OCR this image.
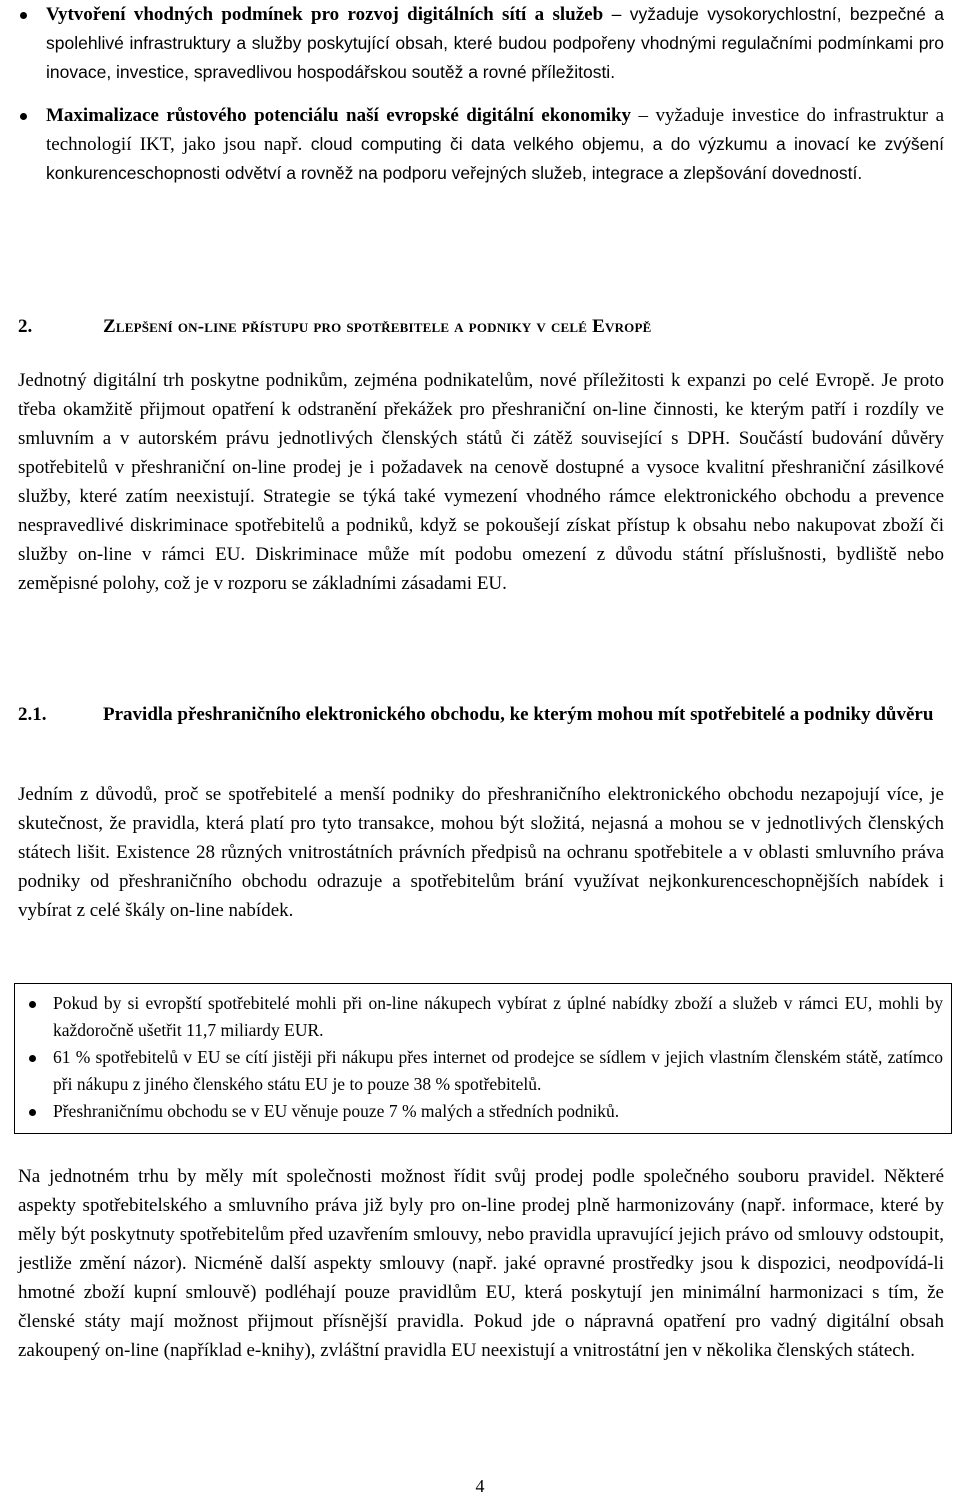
Vytvoření vhodných podmínek pro rozvoj digitálních sítí a služeb – vyžaduje vysokorychlostní, bezpečné a spolehlivé infrastruktury a služby poskytující obsah, které budou podpořeny vhodnými regulačními podmínkami pro inovace, investice, spravedlivou hospodářskou soutěž a rovné příležitosti.
Maximalizace růstového potenciálu naší evropské digitální ekonomiky – vyžaduje investice do infrastruktur a technologií IKT, jako jsou např. cloud computing či data velkého objemu, a do výzkumu a inovací ke zvýšení konkurenceschopnosti odvětví a rovněž na podporu veřejných služeb, integrace a zlepšování dovedností.
2.	Zlepšení on-line přístupu pro spotřebitele a podniky v celé Evropě
Jednotný digitální trh poskytne podnikům, zejména podnikatelům, nové příležitosti k expanzi po celé Evropě. Je proto třeba okamžitě přijmout opatření k odstranění překážek pro přeshraniční on-line činnosti, ke kterým patří i rozdíly ve smluvním a v autorském právu jednotlivých členských států či zátěž související s DPH. Součástí budování důvěry spotřebitelů v přeshraniční on-line prodej je i požadavek na cenově dostupné a vysoce kvalitní přeshraniční zásilkové služby, které zatím neexistují. Strategie se týká také vymezení vhodného rámce elektronického obchodu a prevence nespravedlivé diskriminace spotřebitelů a podniků, když se pokoušejí získat přístup k obsahu nebo nakupovat zboží či služby on-line v rámci EU. Diskriminace může mít podobu omezení z důvodu státní příslušnosti, bydliště nebo zeměpisné polohy, což je v rozporu se základními zásadami EU.
2.1.	Pravidla přeshraničního elektronického obchodu, ke kterým mohou mít spotřebitelé a podniky důvěru
Jedním z důvodů, proč se spotřebitelé a menší podniky do přeshraničního elektronického obchodu nezapojují více, je skutečnost, že pravidla, která platí pro tyto transakce, mohou být složitá, nejasná a mohou se v jednotlivých členských státech lišit. Existence 28 různých vnitrostátních právních předpisů na ochranu spotřebitele a v oblasti smluvního práva podniky od přeshraničního obchodu odrazuje a spotřebitelům brání využívat nejkonkurenceschopnějších nabídek i vybírat z celé škály on-line nabídek.
Pokud by si evropští spotřebitelé mohli při on-line nákupech vybírat z úplné nabídky zboží a služeb v rámci EU, mohli by každoročně ušetřit 11,7 miliardy EUR.
61 % spotřebitelů v EU se cítí jistěji při nákupu přes internet od prodejce se sídlem v jejich vlastním členském státě, zatímco při nákupu z jiného členského státu EU je to pouze 38 % spotřebitelů.
Přeshraničnímu obchodu se v EU věnuje pouze 7 % malých a středních podniků.
Na jednotném trhu by měly mít společnosti možnost řídit svůj prodej podle společného souboru pravidel. Některé aspekty spotřebitelského a smluvního práva již byly pro on-line prodej plně harmonizovány (např. informace, které by měly být poskytnuty spotřebitelům před uzavřením smlouvy, nebo pravidla upravující jejich právo od smlouvy odstoupit, jestliže změní názor). Nicméně další aspekty smlouvy (např. jaké opravné prostředky jsou k dispozici, neodpovídá-li hmotné zboží kupní smlouvě) podléhají pouze pravidlům EU, která poskytují jen minimální harmonizaci s tím, že členské státy mají možnost přijmout přísnější pravidla. Pokud jde o nápravná opatření pro vadný digitální obsah zakoupený on-line (například e-knihy), zvláštní pravidla EU neexistují a vnitrostátní jen v několika členských státech.
4
